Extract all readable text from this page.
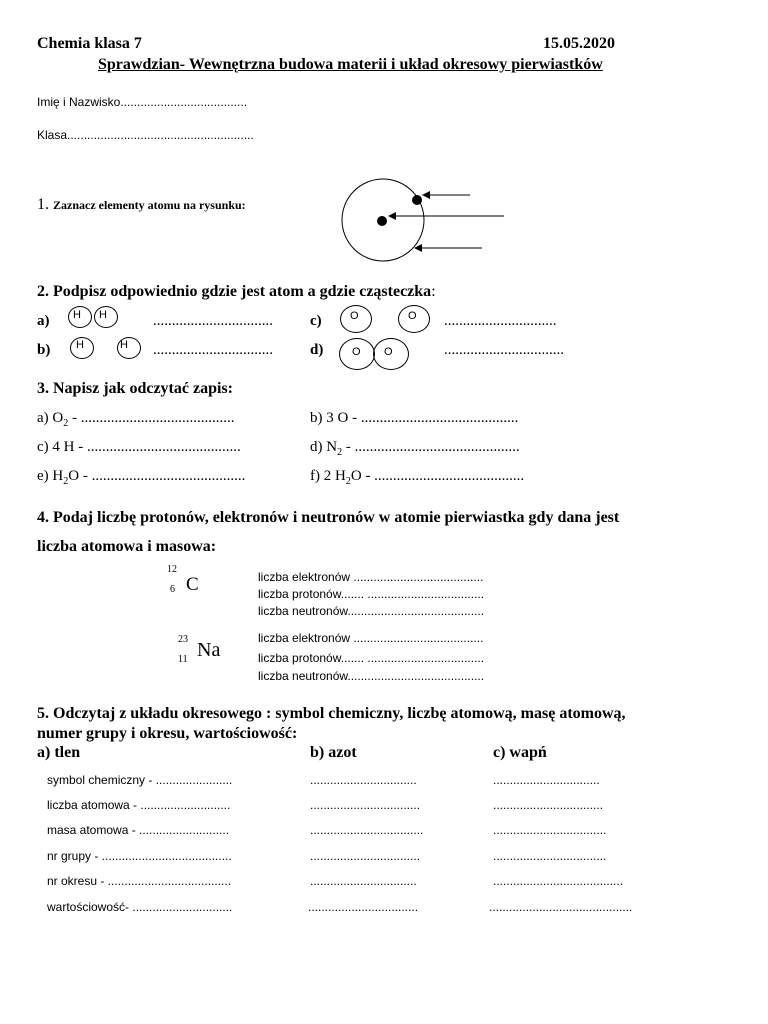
Chemia klasa 7	15.05.2020
Sprawdzian- Wewnętrzna budowa materii i układ okresowy pierwiastków
Imię i Nazwisko......................................
Klasa........................................................
1. Zaznacz elementy atomu na rysunku:
2. Podpisz odpowiednio gdzie jest atom a gdzie cząsteczka:
a) H H	................................ c)	O	O ..............................
b) H	H ................................ d)	O O	................................
3. Napisz jak odczytać zapis:
a) $O_2$ - .........................................	b) 3 O - ..........................................
c) 4 H - .........................................	d) $N_2$ - ............................................
e) $H_2O$ - .........................................	f) 2 $H_2O$ - ........................................
4. Podaj liczbę protonów, elektronów i neutronów w atomie pierwiastka gdy dana jest
liczba atomowa i masowa:
12
6 C	liczba elektronów .......................................
liczba protonów....... ...................................
liczba neutronów.........................................
23
11 Na
liczba elektronów .......................................
liczba protonów....... ...................................
liczba neutronów.........................................
5. Odczytaj z układu okresowego : symbol chemiczny, liczbę atomową, masę atomową,
numer grupy i okresu, wartościowość:
a) tlen	b) azot	c) wapń
symbol chemiczny - .......................	................................	................................
liczba atomowa - ...........................	.................................	.................................
masa atomowa - ...........................	..................................	..................................
nr grupy - .......................................	.................................	..................................
nr okresu - .....................................	................................	.......................................
wartościowość- ..............................	.................................	...........................................
